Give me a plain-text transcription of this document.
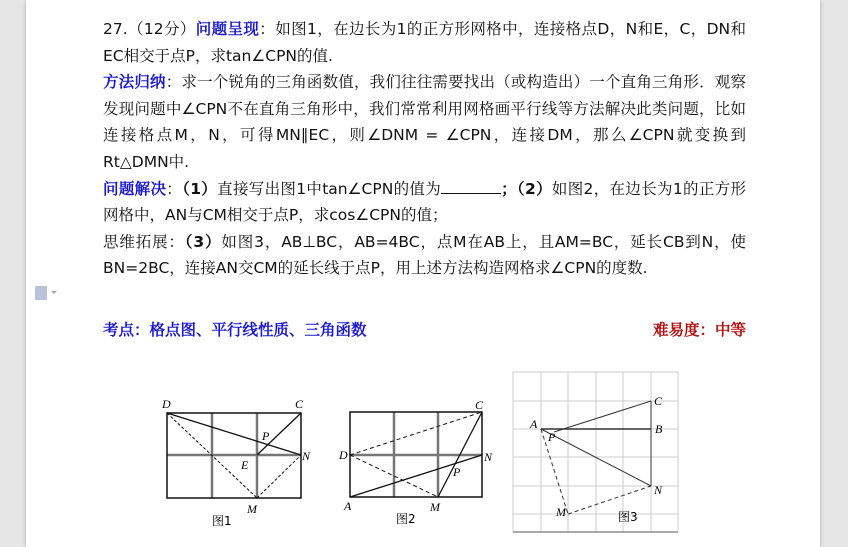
27.（12分）问题呈现：如图1，在边长为1的正方形网格中，连接格点D，N和E，C，DN和EC相交于点P，求tan∠CPN的值.

方法归纳：求一个锐角的三角函数值，我们往往需要找出（或构造出）一个直角三角形．观察发现问题中∠CPN不在直角三角形中，我们常常利用网格画平行线等方法解决此类问题，比如连接格点M，N，可得MN∥EC，则∠DNM = ∠CPN，连接DM，那么∠CPN就变换到Rt△DMN中.

问题解决：（1）直接写出图1中tan∠CPN的值为	；（2）如图2，在边长为1的正方形网格中，AN与CM相交于点P，求cos∠CPN的值；

思维拓展：（3）如图3，AB⊥BC，AB=4BC，点M在AB上，且AM=BC，延长CB到N，使BN=2BC，连接AN交CM的延长线于点P，用上述方法构造网格求∠CPN的度数.

考点：格点图、平行线性质、三角函数	难易度：中等
D	C
P
E
N
M
图1
D
C
N
P
A	M
图2
C
A	B
P
N
M	图3
